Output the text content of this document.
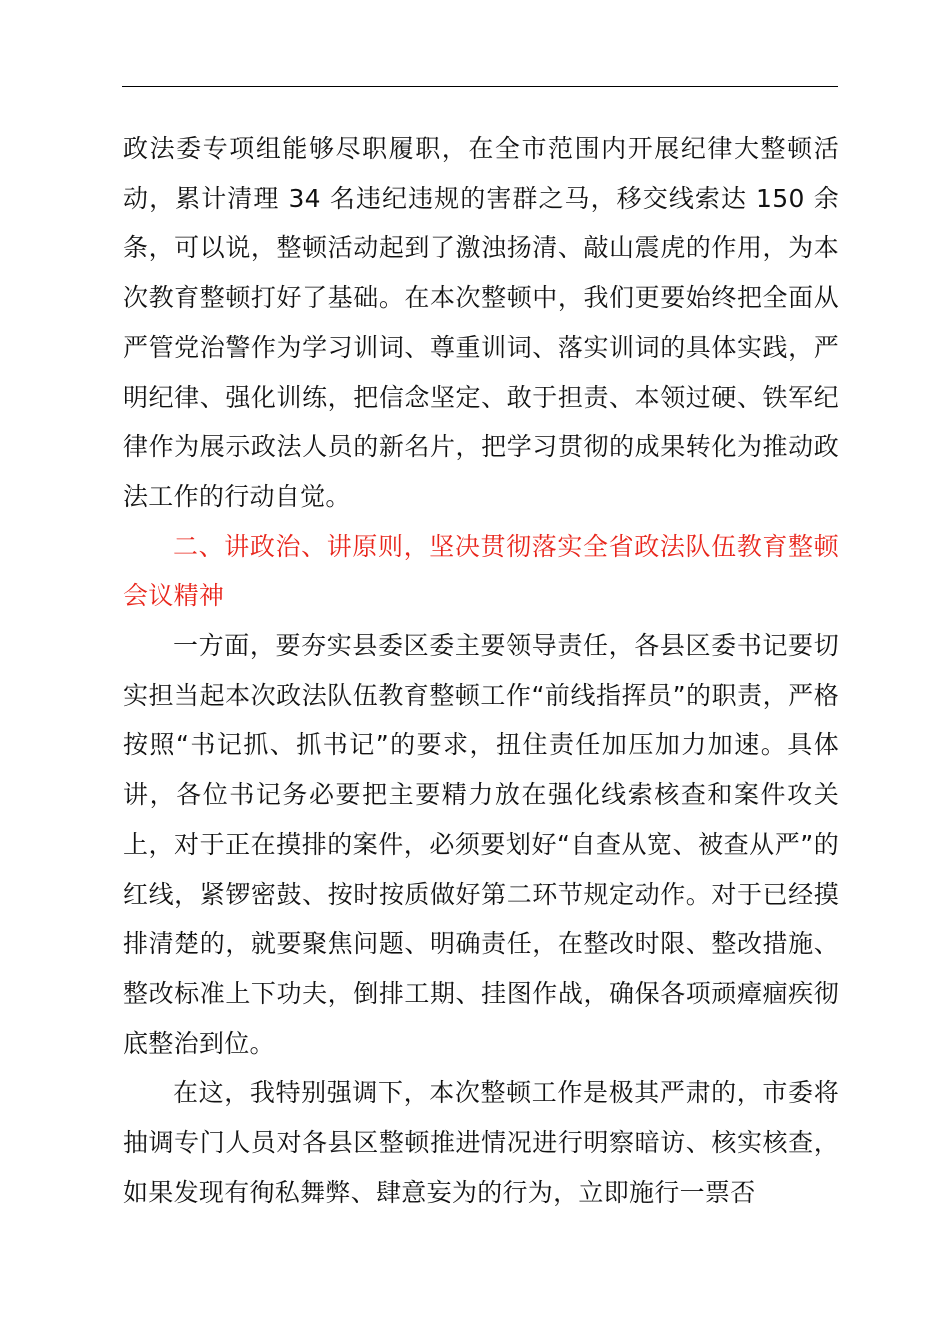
政法委专项组能够尽职履职，在全市范围内开展纪律大整顿活动，累计清理 34 名违纪违规的害群之马，移交线索达 150 余条，可以说，整顿活动起到了激浊扬清、敲山震虎的作用，为本次教育整顿打好了基础。在本次整顿中，我们更要始终把全面从严管党治警作为学习训词、尊重训词、落实训词的具体实践，严明纪律、强化训练，把信念坚定、敢于担责、本领过硬、铁军纪律作为展示政法人员的新名片，把学习贯彻的成果转化为推动政法工作的行动自觉。

二、讲政治、讲原则，坚决贯彻落实全省政法队伍教育整顿会议精神

一方面，要夯实县委区委主要领导责任，各县区委书记要切实担当起本次政法队伍教育整顿工作“前线指挥员”的职责，严格按照“书记抓、抓书记”的要求，扭住责任加压加力加速。具体讲，各位书记务必要把主要精力放在强化线索核查和案件攻关上，对于正在摸排的案件，必须要划好“自查从宽、被查从严”的红线，紧锣密鼓、按时按质做好第二环节规定动作。对于已经摸排清楚的，就要聚焦问题、明确责任，在整改时限、整改措施、整改标准上下功夫，倒排工期、挂图作战，确保各项顽瘴痼疾彻底整治到位。

在这，我特别强调下，本次整顿工作是极其严肃的，市委将抽调专门人员对各县区整顿推进情况进行明察暗访、核实核查，如果发现有徇私舞弊、肆意妄为的行为，立即施行一票否
